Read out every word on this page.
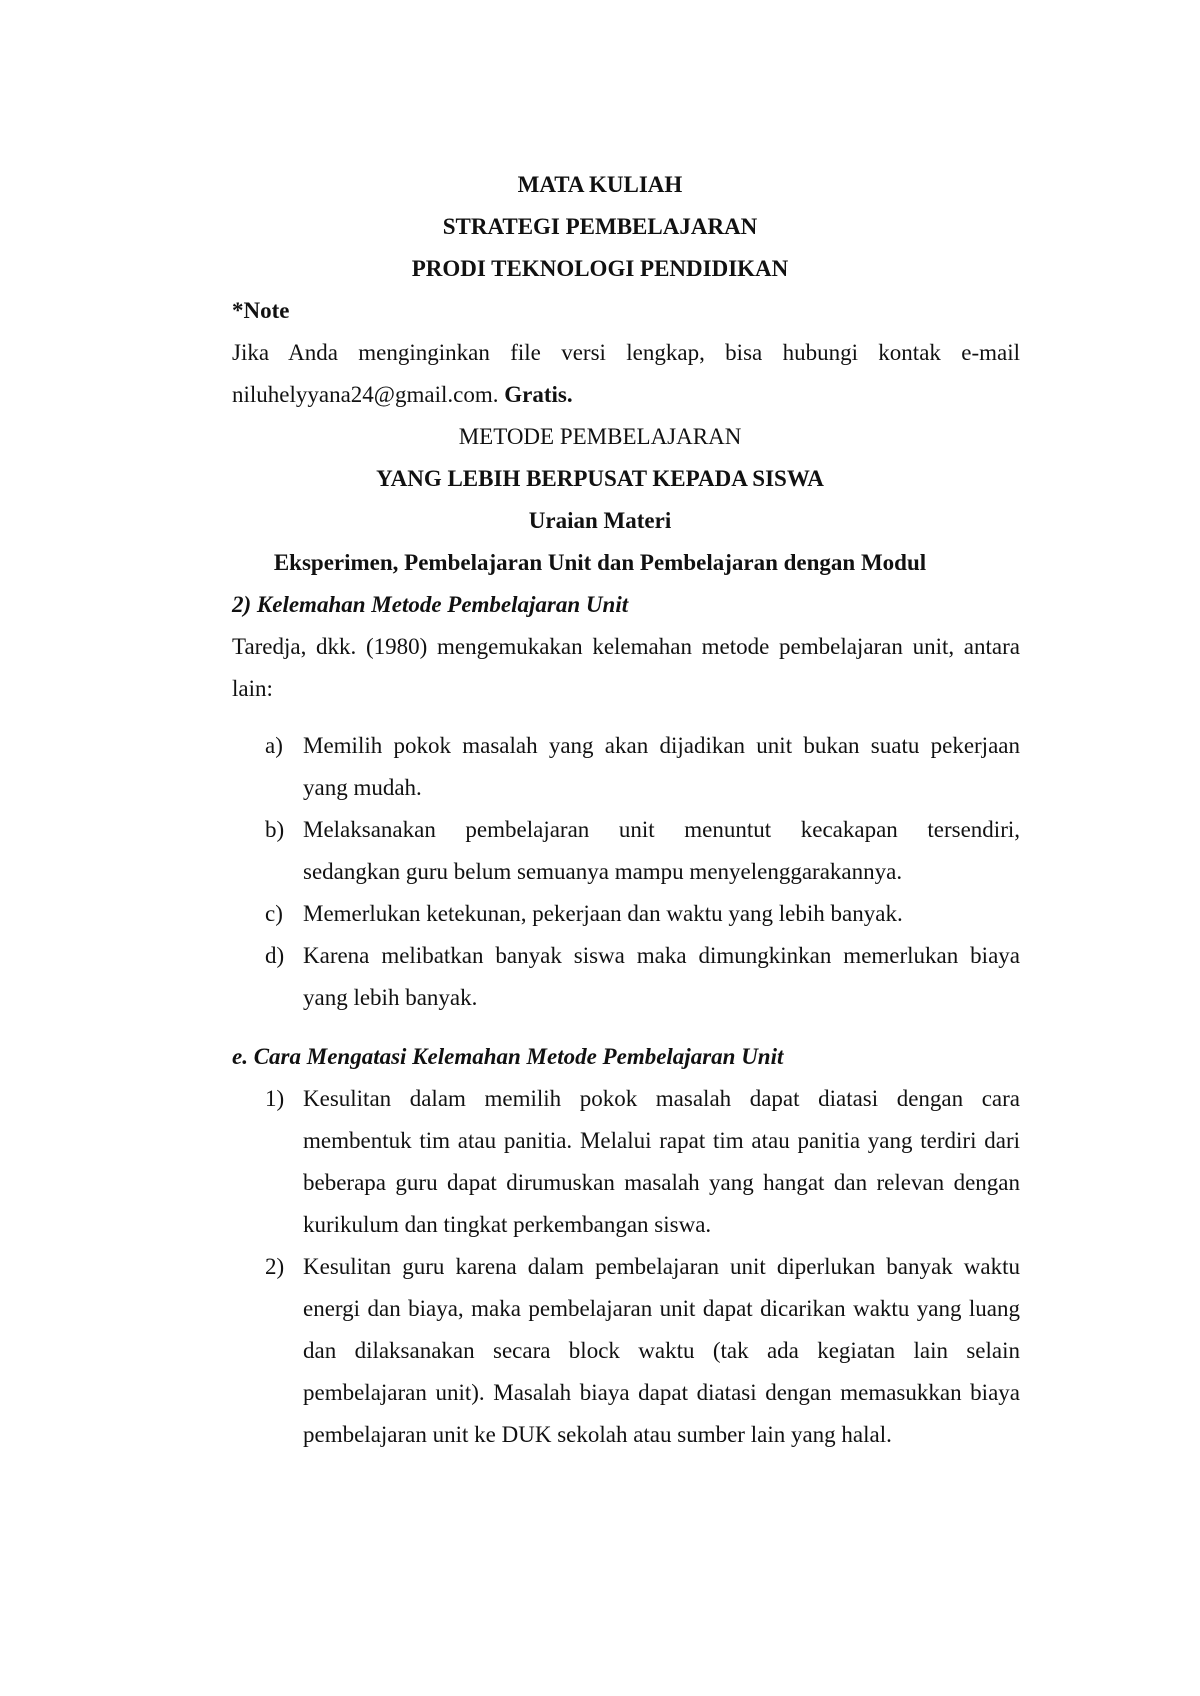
MATA KULIAH
STRATEGI PEMBELAJARAN
PRODI TEKNOLOGI PENDIDIKAN
*Note
Jika Anda menginginkan file versi lengkap, bisa hubungi kontak e-mail
niluhelyyana24@gmail.com. Gratis.
METODE PEMBELAJARAN
YANG LEBIH BERPUSAT KEPADA SISWA
Uraian Materi
Eksperimen, Pembelajaran Unit dan Pembelajaran dengan Modul
2) Kelemahan Metode Pembelajaran Unit
Taredja, dkk. (1980) mengemukakan kelemahan metode pembelajaran unit, antara
lain:
a) Memilih pokok masalah yang akan dijadikan unit bukan suatu pekerjaan
yang mudah.
b) Melaksanakan pembelajaran unit menuntut kecakapan tersendiri,
sedangkan guru belum semuanya mampu menyelenggarakannya.
c) Memerlukan ketekunan, pekerjaan dan waktu yang lebih banyak.
d) Karena melibatkan banyak siswa maka dimungkinkan memerlukan biaya
yang lebih banyak.
e. Cara Mengatasi Kelemahan Metode Pembelajaran Unit
1) Kesulitan dalam memilih pokok masalah dapat diatasi dengan cara
membentuk tim atau panitia. Melalui rapat tim atau panitia yang terdiri dari
beberapa guru dapat dirumuskan masalah yang hangat dan relevan dengan
kurikulum dan tingkat perkembangan siswa.
2) Kesulitan guru karena dalam pembelajaran unit diperlukan banyak waktu
energi dan biaya, maka pembelajaran unit dapat dicarikan waktu yang luang
dan dilaksanakan secara block waktu (tak ada kegiatan lain selain
pembelajaran unit). Masalah biaya dapat diatasi dengan memasukkan biaya
pembelajaran unit ke DUK sekolah atau sumber lain yang halal.
